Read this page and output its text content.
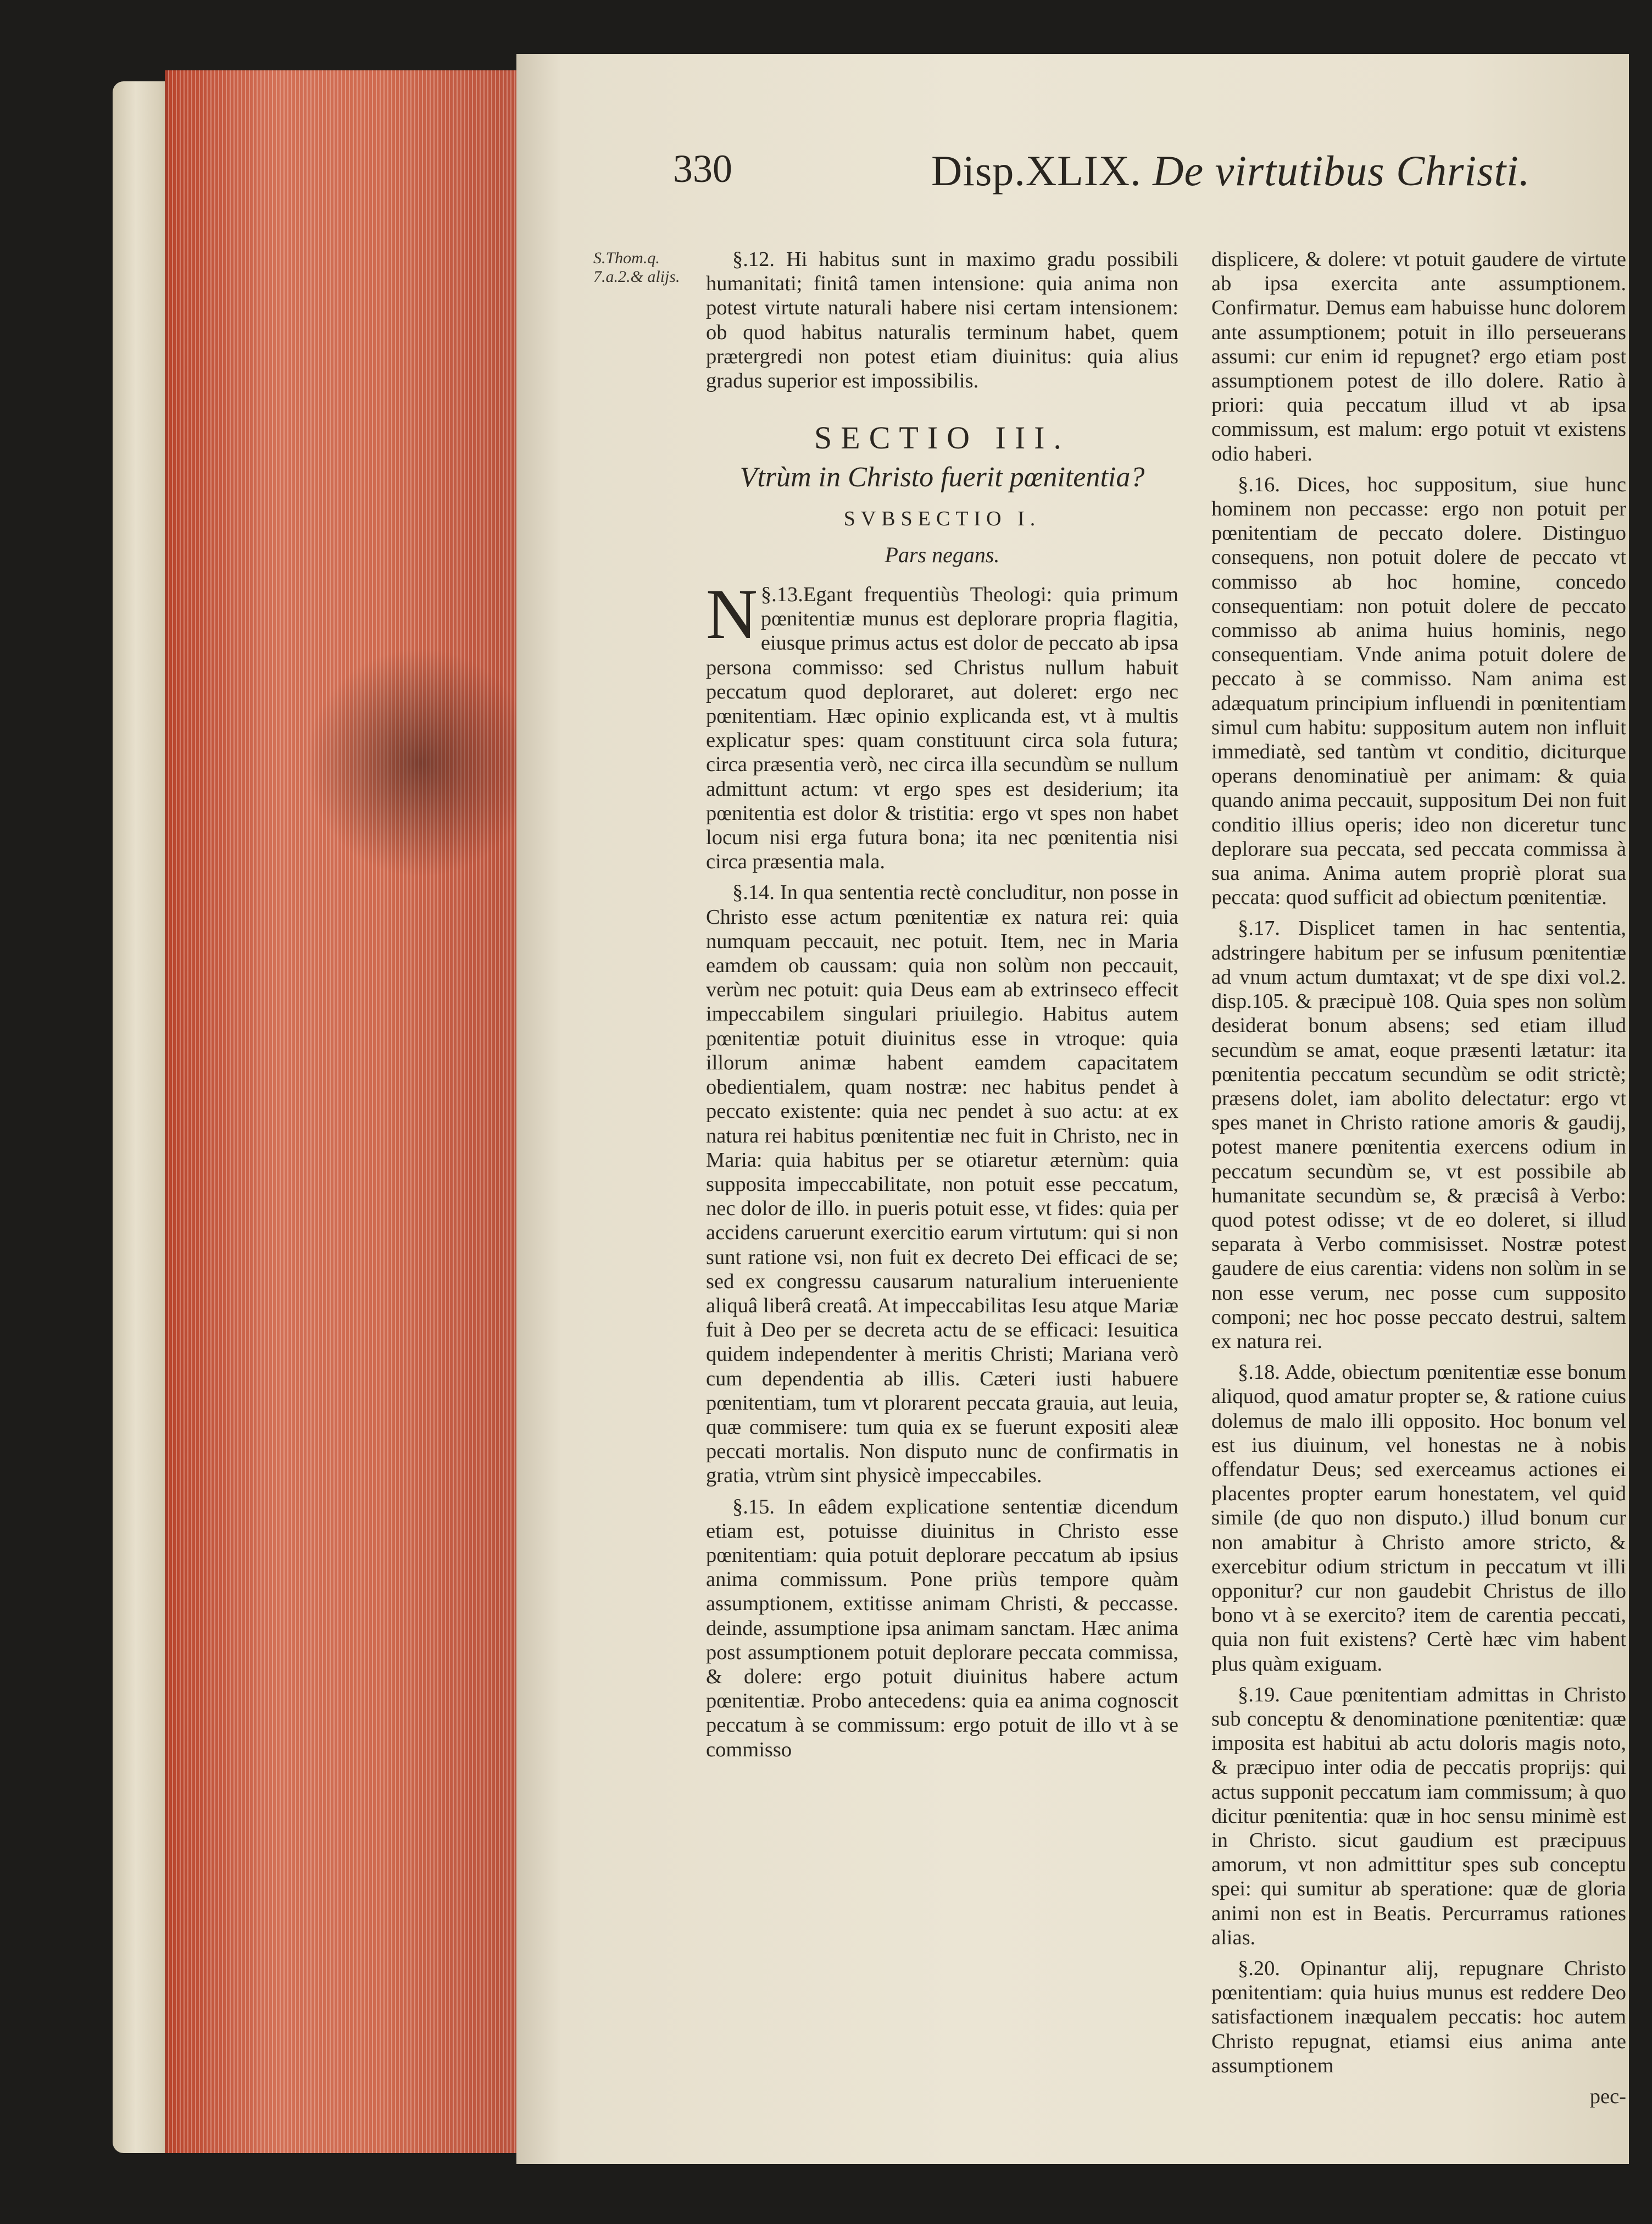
330	Disp.XLIX. De virtutibus Christi.
S.Thom.q. 7.a.2.& alijs.

§.12. Hi habitus sunt in maximo gradu possibili humanitati; finitâ tamen intensione: quia anima non potest virtute naturali habere nisi certam intensionem: ob quod habitus naturalis terminum habet, quem prætergredi non potest etiam diuinitus: quia alius gradus superior est impossibilis.

SECTIO III.

Vtrùm in Christo fuerit pœnitentia?

SVBSECTIO I.

Pars negans.

§.13.
N Egant frequentiùs Theologi: quia primum pœnitentiæ munus est deplorare propria flagitia, eiusque primus actus est dolor de peccato ab ipsa persona commisso: sed Christus nullum habuit peccatum quod deploraret, aut doleret: ergo nec pœnitentiam. Hæc opinio explicanda est, vt à multis explicatur spes: quam constituunt circa sola futura; circa præsentia verò, nec circa illa secundùm se nullum admittunt actum: vt ergo spes est desiderium; ita pœnitentia est dolor & tristitia: ergo vt spes non habet locum nisi erga futura bona; ita nec pœnitentia nisi circa præsentia mala.

§.14. In qua sententia rectè concluditur, non posse in Christo esse actum pœnitentiæ ex natura rei: quia numquam peccauit, nec potuit. Item, nec in Maria eamdem ob caussam: quia non solùm non peccauit, verùm nec potuit: quia Deus eam ab extrinseco effecit impeccabilem singulari priuilegio. Habitus autem pœnitentiæ potuit diuinitus esse in vtroque: quia illorum animæ habent eamdem capacitatem obedientialem, quam nostræ: nec habitus pendet à peccato existente: quia nec pendet à suo actu: at ex natura rei habitus pœnitentiæ nec fuit in Christo, nec in Maria: quia habitus per se otiaretur æternùm: quia supposita impeccabilitate, non potuit esse peccatum, nec dolor de illo. in pueris potuit esse, vt fides: quia per accidens caruerunt exercitio earum virtutum: qui si non sunt ratione vsi, non fuit ex decreto Dei efficaci de se; sed ex congressu causarum naturalium interueniente aliquâ liberâ creatâ. At impeccabilitas Iesu atque Mariæ fuit à Deo per se decreta actu de se efficaci: Iesuitica quidem independenter à meritis Christi; Mariana verò cum dependentia ab illis. Cæteri iusti habuere pœnitentiam, tum vt plorarent peccata grauia, aut leuia, quæ commisere: tum quia ex se fuerunt expositi aleæ peccati mortalis. Non disputo nunc de confirmatis in gratia, vtrùm sint physicè impeccabiles.

§.15. In eâdem explicatione sententiæ dicendum etiam est, potuisse diuinitus in Christo esse pœnitentiam: quia potuit deplorare peccatum ab ipsius anima commissum. Pone priùs tempore quàm assumptionem, extitisse animam Christi, & peccasse. deinde, assumptione ipsa animam sanctam. Hæc anima post assumptionem potuit deplorare peccata commissa, & dolere: ergo potuit diuinitus habere actum pœnitentiæ. Probo antecedens: quia ea anima cognoscit peccatum à se commissum: ergo potuit de illo vt à se commisso

displicere, & dolere: vt potuit gaudere de virtute ab ipsa exercita ante assumptionem. Confirmatur. Demus eam habuisse hunc dolorem ante assumptionem; potuit in illo perseuerans assumi: cur enim id repugnet? ergo etiam post assumptionem potest de illo dolere. Ratio à priori: quia peccatum illud vt ab ipsa commissum, est malum: ergo potuit vt existens odio haberi.

§.16. Dices, hoc suppositum, siue hunc hominem non peccasse: ergo non potuit per pœnitentiam de peccato dolere. Distinguo consequens, non potuit dolere de peccato vt commisso ab hoc homine, concedo consequentiam: non potuit dolere de peccato commisso ab anima huius hominis, nego consequentiam. Vnde anima potuit dolere de peccato à se commisso. Nam anima est adæquatum principium influendi in pœnitentiam simul cum habitu: suppositum autem non influit immediatè, sed tantùm vt conditio, diciturque operans denominatiuè per animam: & quia quando anima peccauit, suppositum Dei non fuit conditio illius operis; ideo non diceretur tunc deplorare sua peccata, sed peccata commissa à sua anima. Anima autem propriè plorat sua peccata: quod sufficit ad obiectum pœnitentiæ.

§.17. Displicet tamen in hac sententia, adstringere habitum per se infusum pœnitentiæ ad vnum actum dumtaxat; vt de spe dixi vol.2. disp.105. & præcipuè 108. Quia spes non solùm desiderat bonum absens; sed etiam illud secundùm se amat, eoque præsenti lætatur: ita pœnitentia peccatum secundùm se odit strictè; præsens dolet, iam abolito delectatur: ergo vt spes manet in Christo ratione amoris & gaudij, potest manere pœnitentia exercens odium in peccatum secundùm se, vt est possibile ab humanitate secundùm se, & præcisâ à Verbo: quod potest odisse; vt de eo doleret, si illud separata à Verbo commisisset. Nostræ potest gaudere de eius carentia: videns non solùm in se non esse verum, nec posse cum supposito componi; nec hoc posse peccato destrui, saltem ex natura rei.

§.18. Adde, obiectum pœnitentiæ esse bonum aliquod, quod amatur propter se, & ratione cuius dolemus de malo illi opposito. Hoc bonum vel est ius diuinum, vel honestas ne à nobis offendatur Deus; sed exerceamus actiones ei placentes propter earum honestatem, vel quid simile (de quo non disputo.) illud bonum cur non amabitur à Christo amore stricto, & exercebitur odium strictum in peccatum vt illi opponitur? cur non gaudebit Christus de illo bono vt à se exercito? item de carentia peccati, quia non fuit existens? Certè hæc vim habent plus quàm exiguam.

§.19. Caue pœnitentiam admittas in Christo sub conceptu & denominatione pœnitentiæ: quæ imposita est habitui ab actu doloris magis noto, & præcipuo inter odia de peccatis proprijs: qui actus supponit peccatum iam commissum; à quo dicitur pœnitentia: quæ in hoc sensu minimè est in Christo. sicut gaudium est præcipuus amorum, vt non admittitur spes sub conceptu spei: qui sumitur ab speratione: quæ de gloria animi non est in Beatis. Percurramus rationes alias.

§.20. Opinantur alij, repugnare Christo pœnitentiam: quia huius munus est reddere Deo satisfactionem inæqualem peccatis: hoc autem Christo repugnat, etiamsi eius anima ante assumptionem

pec-
